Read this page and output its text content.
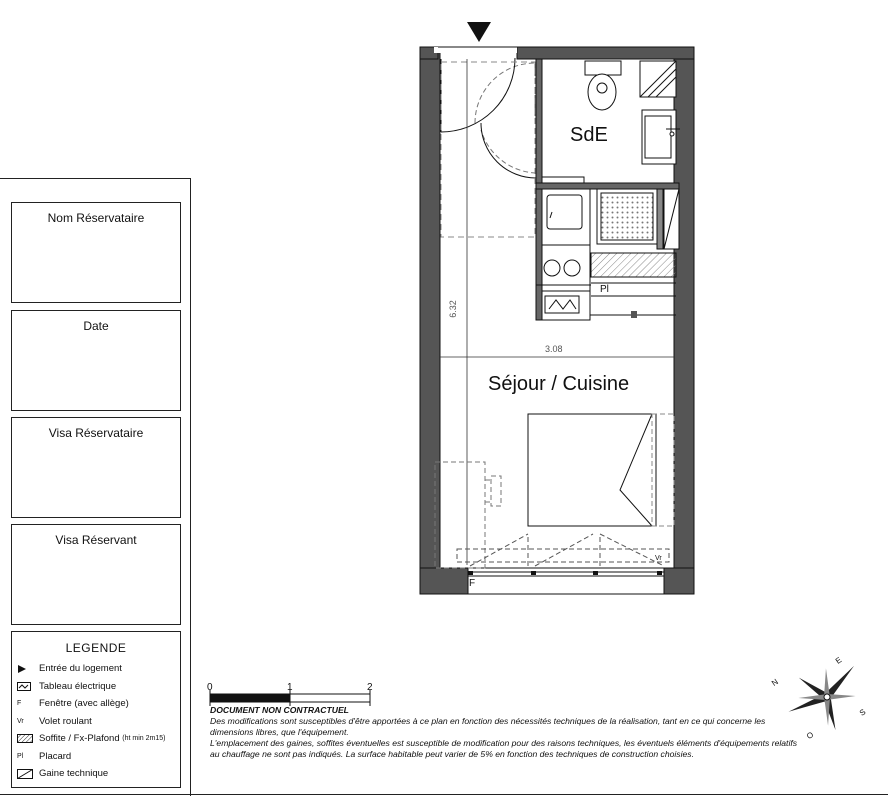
Nom Réservataire
Date
Visa Réservataire
Visa Réservant
LEGENDE
Entrée du logement
Tableau électrique
F	Fenêtre (avec allège)
Vr	Volet roulant
Soffite / Fx-Plafond
(ht min 2m15)
Pl	Placard
Gaine technique
SdE
Séjour / Cuisine
Pl
F
Vr
6.32
3.08
0	1	2	N
E
S
O
DOCUMENT NON CONTRACTUEL
Des modifications sont susceptibles d'être apportées à ce plan en fonction des nécessités techniques de la réalisation, tant en ce qui concerne les
dimensions libres, que l'équipement.
L'emplacement des gaines, soffites éventuelles est susceptible de modification pour des raisons techniques, les éventuels éléments d'équipements relatifs
au chauffage ne sont pas indiqués. La surface habitable peut varier de 5% en fonction des techniques de construction choisies.
